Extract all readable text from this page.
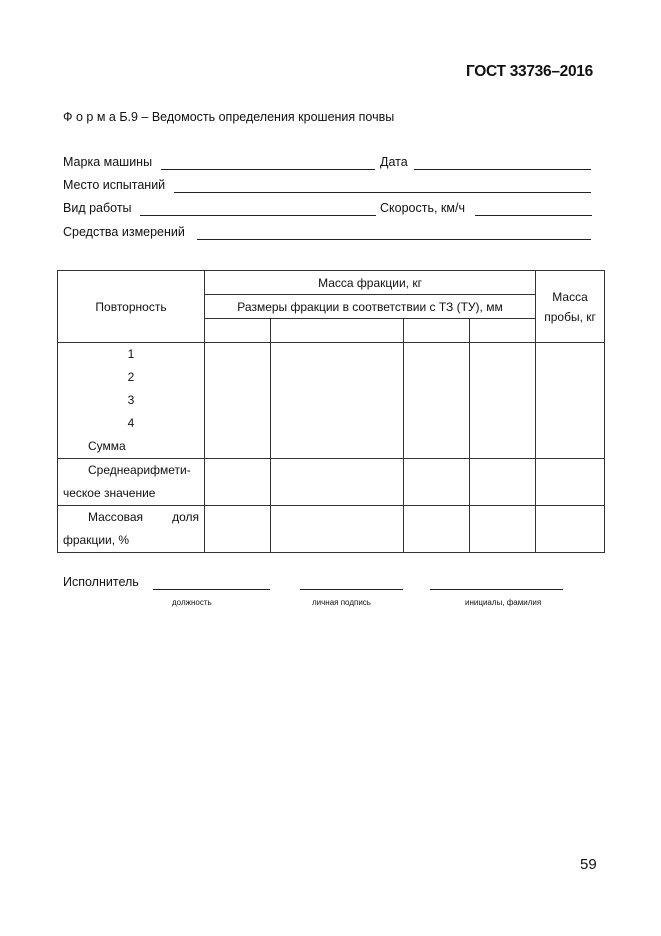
ГОСТ 33736–2016
Ф о р м а Б.9 – Ведомость определения крошения почвы
Марка машины	Дата
Место испытаний
Вид работы	Скорость, км/ч
Средства измерений
Повторность	Масса фракции, кг				Масса пробы, кг
	Размеры фракции в соответствии с ТЗ (ТУ), мм				

1
2
3
4
Сумма					

Среднеарифмети-
ческое значение					

Массовая доля
фракции, %					

Исполнитель
должность	личная подпись	инициалы, фамилия
59
